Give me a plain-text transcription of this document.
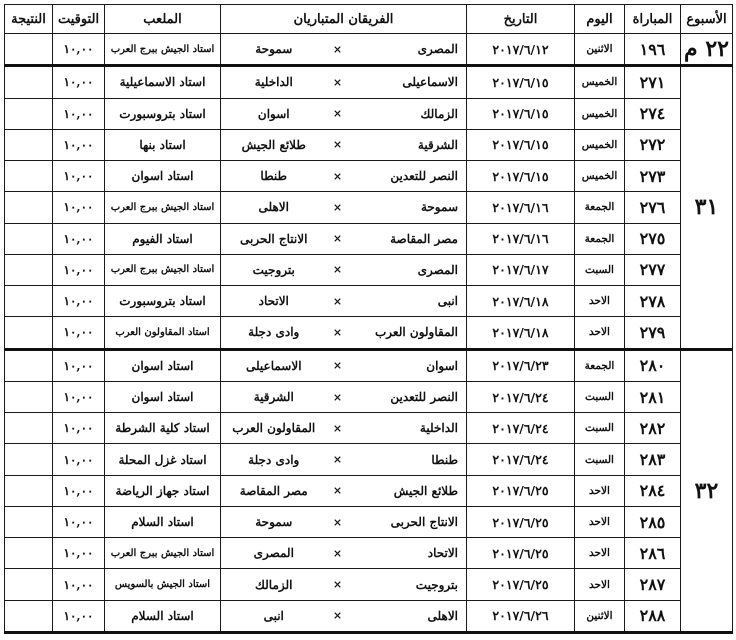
الأسبوع	المباراة	اليوم	التاريخ	الفريقان المتباريان			الملعب	التوقيت	النتيجة
٢٢ م	١٩٦	الاثنين	٢٠١٧/٦/١٢	المصرى	×	سموحة	استاد الجيش ببرج العرب	١٠,٠٠	
٣١	٢٧١	الخميس	٢٠١٧/٦/١٥	الاسماعيلى	×	الداخلية	استاد الاسماعيلية	١٠,٠٠	
	٢٧٤	الخميس	٢٠١٧/٦/١٥	الزمالك	×	اسوان	استاد بتروسبورت	١٠,٠٠	
	٢٧٢	الخميس	٢٠١٧/٦/١٥	الشرقية	×	طلائع الجيش	استاد بنها	١٠,٠٠	
	٢٧٣	الخميس	٢٠١٧/٦/١٥	النصر للتعدين	×	طنطا	استاد اسوان	١٠,٠٠	
	٢٧٦	الجمعة	٢٠١٧/٦/١٦	سموحة	×	الاهلى	استاد الجيش ببرج العرب	١٠,٠٠	
	٢٧٥	الجمعة	٢٠١٧/٦/١٦	مصر المقاصة	×	الانتاج الحربى	استاد الفيوم	١٠,٠٠	
	٢٧٧	السبت	٢٠١٧/٦/١٧	المصرى	×	بتروجيت	استاد الجيش ببرج العرب	١٠,٠٠	
	٢٧٨	الاحد	٢٠١٧/٦/١٨	انبى	×	الاتحاد	استاد بتروسبورت	١٠,٠٠	
	٢٧٩	الاحد	٢٠١٧/٦/١٨	المقاولون العرب	×	وادى دجلة	استاد المقاولون العرب	١٠,٠٠	
٣٢	٢٨٠	الجمعة	٢٠١٧/٦/٢٣	اسوان	×	الاسماعيلى	استاد اسوان	١٠,٠٠	
	٢٨١	السبت	٢٠١٧/٦/٢٤	النصر للتعدين	×	الشرقية	استاد اسوان	١٠,٠٠	
	٢٨٢	السبت	٢٠١٧/٦/٢٤	الداخلية	×	المقاولون العرب	استاد كلية الشرطة	١٠,٠٠	
	٢٨٣	السبت	٢٠١٧/٦/٢٤	طنطا	×	وادى دجلة	استاد غزل المحلة	١٠,٠٠	
	٢٨٤	الاحد	٢٠١٧/٦/٢٥	طلائع الجيش	×	مصر المقاصة	استاد جهاز الرياضة	١٠,٠٠	
	٢٨٥	الاحد	٢٠١٧/٦/٢٥	الانتاج الحربى	×	سموحة	استاد السلام	١٠,٠٠	
	٢٨٦	الاحد	٢٠١٧/٦/٢٥	الاتحاد	×	المصرى	استاد الجيش ببرج العرب	١٠,٠٠	
	٢٨٧	الاحد	٢٠١٧/٦/٢٥	بتروجيت	×	الزمالك	استاد الجيش بالسويس	١٠,٠٠	
	٢٨٨	الاثنين	٢٠١٧/٦/٢٦	الاهلى	×	انبى	استاد السلام	١٠,٠٠	
